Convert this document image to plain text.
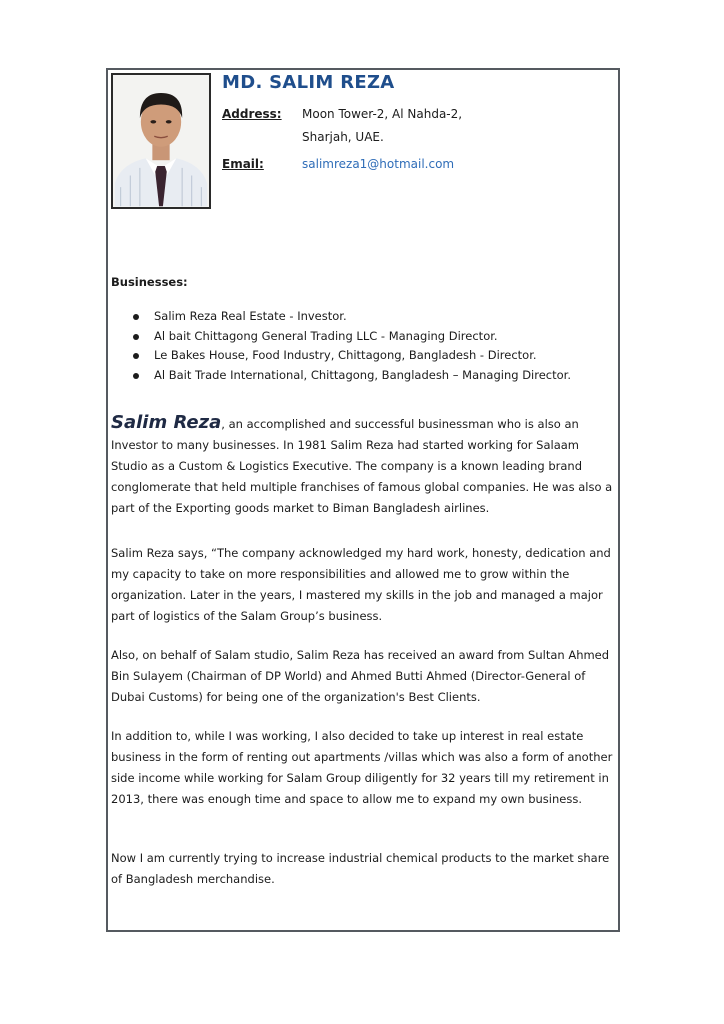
MD. SALIM REZA
Address: Moon Tower-2, Al Nahda-2,
Sharjah, UAE.
Email:	salimreza1@hotmail.com
Businesses:
Salim Reza Real Estate - Investor.
Al bait Chittagong General Trading LLC - Managing Director.
Le Bakes House, Food Industry, Chittagong, Bangladesh - Director.
Al Bait Trade International, Chittagong, Bangladesh – Managing Director.

Salim Reza, an accomplished and successful businessman who is also an Investor to many businesses. In 1981 Salim Reza had started working for Salaam Studio as a Custom & Logistics Executive. The company is a known leading brand conglomerate that held multiple franchises of famous global companies. He was also a part of the Exporting goods market to Biman Bangladesh airlines.

Salim Reza says, “The company acknowledged my hard work, honesty, dedication and my capacity to take on more responsibilities and allowed me to grow within the organization. Later in the years, I mastered my skills in the job and managed a major part of logistics of the Salam Group’s business.

Also, on behalf of Salam studio, Salim Reza has received an award from Sultan Ahmed Bin Sulayem (Chairman of DP World) and Ahmed Butti Ahmed (Director-General of Dubai Customs) for being one of the organization's Best Clients.

In addition to, while I was working, I also decided to take up interest in real estate business in the form of renting out apartments /villas which was also a form of another side income while working for Salam Group diligently for 32 years till my retirement in 2013, there was enough time and space to allow me to expand my own business.

Now I am currently trying to increase industrial chemical products to the market share of Bangladesh merchandise.
